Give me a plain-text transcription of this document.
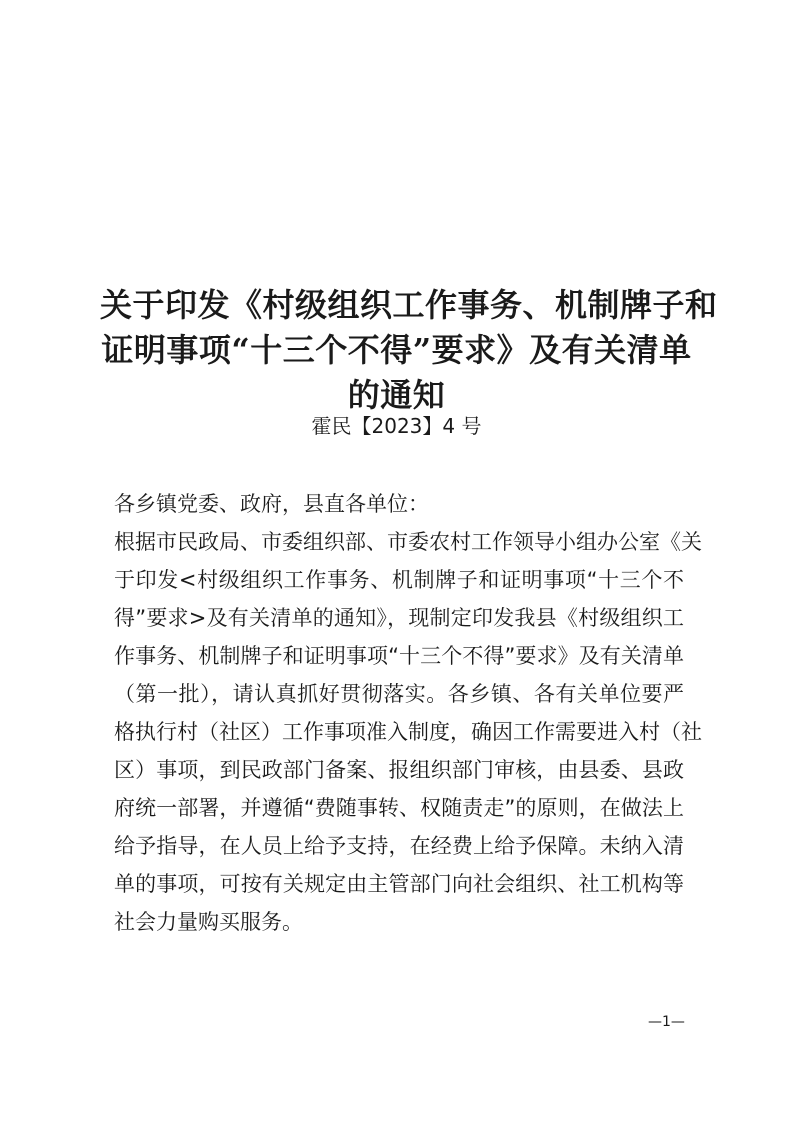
关于印发《村级组织工作事务、机制牌子和
证明事项“十三个不得”要求》及有关清单
的通知
霍民【2023】4 号
各乡镇党委、政府，县直各单位：
根据市民政局、市委组织部、市委农村工作领导小组办公室《关
于印发<村级组织工作事务、机制牌子和证明事项“十三个不
得”要求>及有关清单的通知》，现制定印发我县《村级组织工
作事务、机制牌子和证明事项“十三个不得”要求》及有关清单
（第一批），请认真抓好贯彻落实。各乡镇、各有关单位要严
格执行村（社区）工作事项准入制度，确因工作需要进入村（社
区）事项，到民政部门备案、报组织部门审核，由县委、县政
府统一部署，并遵循“费随事转、权随责走”的原则，在做法上
给予指导，在人员上给予支持，在经费上给予保障。未纳入清
单的事项，可按有关规定由主管部门向社会组织、社工机构等
社会力量购买服务。
—1—
